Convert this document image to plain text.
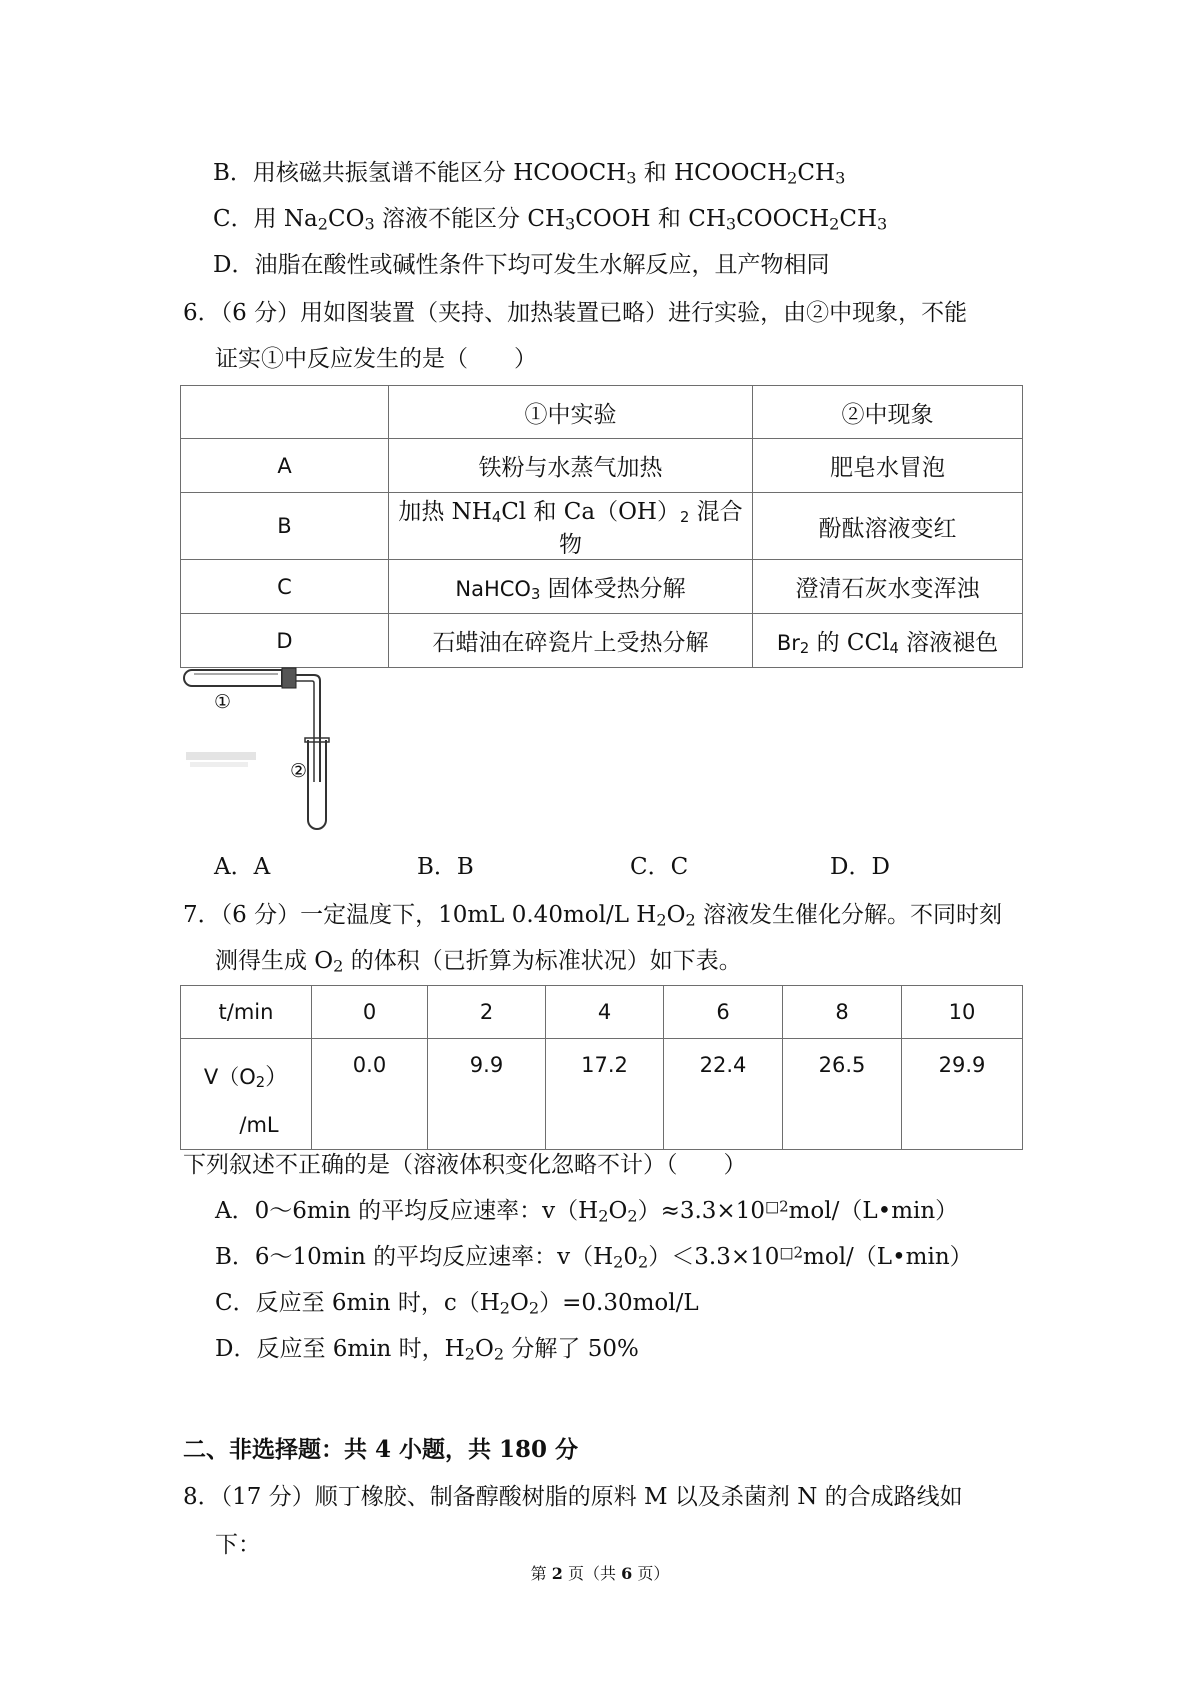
B．用核磁共振氢谱不能区分 $HCOOCH_3$ 和 $HCOOCH_2CH_3$
C．用 $Na_2CO_3$ 溶液不能区分 $CH_3COOH$ 和 $CH_3COOCH_2CH_3$
D．油脂在酸性或碱性条件下均可发生水解反应，且产物相同
6．（6 分）用如图装置（夹持、加热装置已略）进行实验，由②中现象，不能
证实①中反应发生的是（　　）
	①中实验	②中现象
A	铁粉与水蒸气加热	肥皂水冒泡
B	加热 $NH_4Cl$ 和 $Ca(OH)_2$ 混合物	酚酞溶液变红
C	NaHCO$_3$ 固体受热分解	澄清石灰水变浑浊
D	石蜡油在碎瓷片上受热分解	$Br_2$ 的 CCl$_4$ 溶液褪色
①
②
A．A	B．B	C．C	D．D
7．（6 分）一定温度下，10mL 0.40mol/L $H_2O_2$ 溶液发生催化分解。不同时刻
测得生成 $O_2$ 的体积（已折算为标准状况）如下表。
t/min	0	2	4	6	8	10
$V(O_2)$
/mL	0.0	9.9	17.2	22.4	26.5	29.9
下列叙述不正确的是（溶液体积变化忽略不计）（　　）
A．0～6min 的平均反应速率：$v(H_2O_2)\approx 3.3\times 10^{□2}mol/(L•\min)$
B．6～10min 的平均反应速率：$v(H_20_2)<3.3\times 10^{□2}mol/(L•\min)$
C．反应至 6min 时，$c(H_2O_2)=0.30mol/L$
D．反应至 6min 时，$H_2O_2$ 分解了 50%
二、非选择题：共 4 小题，共 180 分
8．（17 分）顺丁橡胶、制备醇酸树脂的原料 M 以及杀菌剂 N 的合成路线如
下：
第 2 页（共 6 页）
